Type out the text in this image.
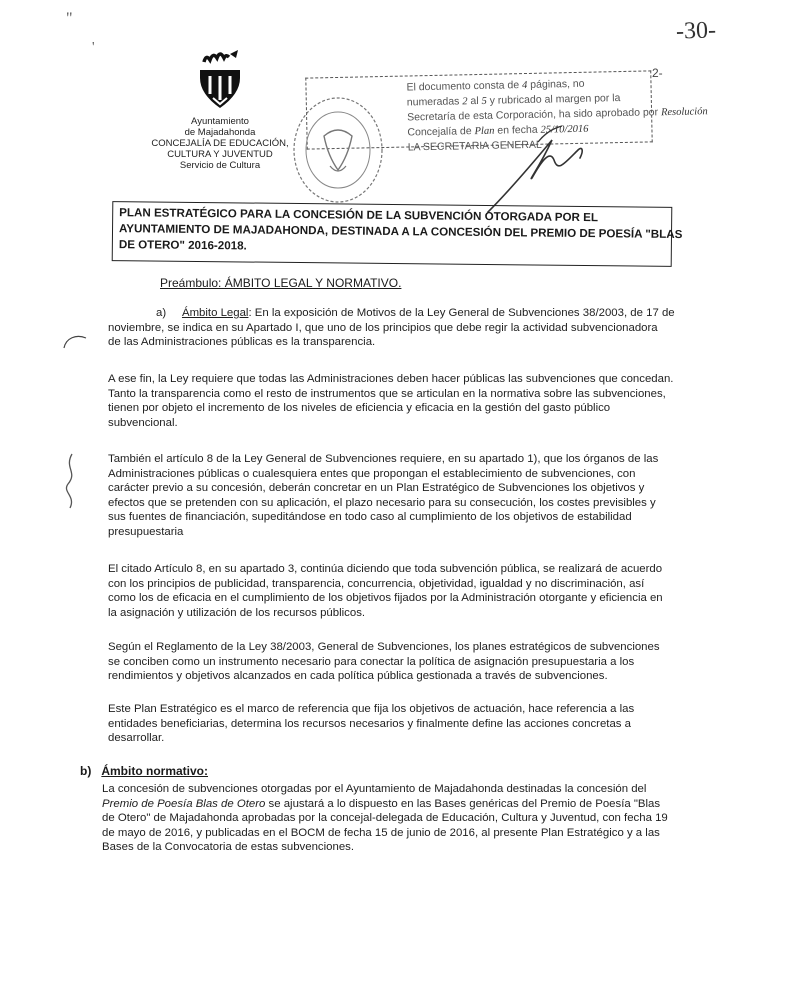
-30-
"
'
Ayuntamiento
de Majadahonda
CONCEJALÍA DE EDUCACIÓN,
CULTURA Y JUVENTUD
Servicio de Cultura
El documento consta de 4 páginas, no
numeradas 2 al 5 y rubricado al margen por la
Secretaría de esta Corporación, ha sido aprobado por Resolución
Concejalía de Plan en fecha 25/10/2016
LA SECRETARIA GENERAL
2-
PLAN ESTRATÉGICO PARA LA CONCESIÓN DE LA SUBVENCIÓN OTORGADA POR EL
AYUNTAMIENTO DE MAJADAHONDA, DESTINADA A LA CONCESIÓN DEL PREMIO DE POESÍA "BLAS
DE OTERO" 2016-2018.
Preámbulo: ÁMBITO LEGAL Y NORMATIVO.
a) Ámbito Legal: En la exposición de Motivos de la Ley General de Subvenciones 38/2003, de 17 de
noviembre, se indica en su Apartado I, que uno de los principios que debe regir la actividad subvencionadora
de las Administraciones públicas es la transparencia.
A ese fin, la Ley requiere que todas las Administraciones deben hacer públicas las subvenciones que concedan.
Tanto la transparencia como el resto de instrumentos que se articulan en la normativa sobre las subvenciones,
tienen por objeto el incremento de los niveles de eficiencia y eficacia en la gestión del gasto público
subvencional.
También el artículo 8 de la Ley General de Subvenciones requiere, en su apartado 1), que los órganos de las
Administraciones públicas o cualesquiera entes que propongan el establecimiento de subvenciones, con
carácter previo a su concesión, deberán concretar en un Plan Estratégico de Subvenciones los objetivos y
efectos que se pretenden con su aplicación, el plazo necesario para su consecución, los costes previsibles y
sus fuentes de financiación, supeditándose en todo caso al cumplimiento de los objetivos de estabilidad
presupuestaria
El citado Artículo 8, en su apartado 3, continúa diciendo que toda subvención pública, se realizará de acuerdo
con los principios de publicidad, transparencia, concurrencia, objetividad, igualdad y no discriminación, así
como los de eficacia en el cumplimiento de los objetivos fijados por la Administración otorgante y eficiencia en
la asignación y utilización de los recursos públicos.
Según el Reglamento de la Ley 38/2003, General de Subvenciones, los planes estratégicos de subvenciones
se conciben como un instrumento necesario para conectar la política de asignación presupuestaria a los
rendimientos y objetivos alcanzados en cada política pública gestionada a través de subvenciones.
Este Plan Estratégico es el marco de referencia que fija los objetivos de actuación, hace referencia a las
entidades beneficiarias, determina los recursos necesarios y finalmente define las acciones concretas a
desarrollar.
b) Ámbito normativo:
La concesión de subvenciones otorgadas por el Ayuntamiento de Majadahonda destinadas la concesión del
Premio de Poesía Blas de Otero se ajustará a lo dispuesto en las Bases genéricas del Premio de Poesía "Blas
de Otero" de Majadahonda aprobadas por la concejal-delegada de Educación, Cultura y Juventud, con fecha 19
de mayo de 2016, y publicadas en el BOCM de fecha 15 de junio de 2016, al presente Plan Estratégico y a las
Bases de la Convocatoria de estas subvenciones.
